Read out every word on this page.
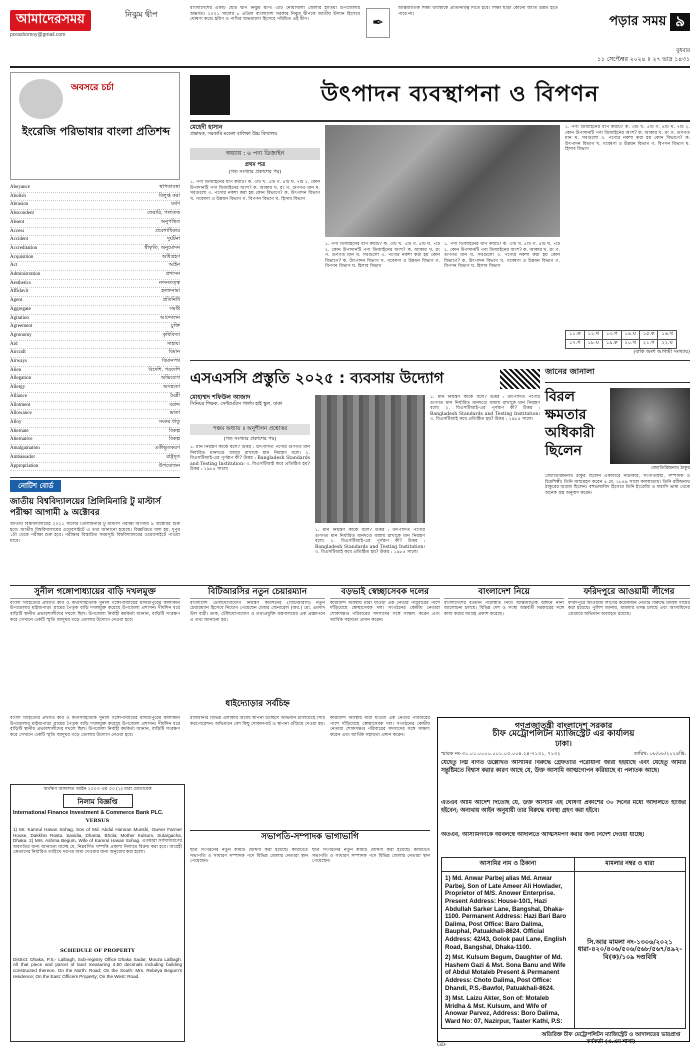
আমাদেরসময়
porashomoy@gmail.com
নিঝুম দ্বীপ
বাংলাদেশের একটি ছোট দ্বীপ নিঝুম দ্বীপ। এটি নোয়াখালী জেলার হাতিয়া উপজেলার অন্তর্গত। ২০০১ সালের ৮ এপ্রিল বাংলাদেশ সরকার নিঝুম দ্বীপকে জাতীয় উদ্যান হিসেবে ঘোষণা করে। হরিণ ও পাখির অভয়ারণ্য হিসেবে পরিচিত এই দ্বীপ।	✒
আন্তর্জাতিক শিক্ষা ব্যবস্থাকে প্রতিনিধিত্ব দিতে হবে। শিক্ষা ছাড়া কোনো জাতি উন্নত হতে পারে না।	পড়ার সময় ৯
বুধবার
১১ সেপ্টেম্বর ২০২৪ ॥ ২৭ ভাদ্র ১৪৩১
অবসরে চর্চা
ইংরেজি পরিভাষার বাংলা প্রতিশব্দ
Abeyance	স্থগিতাবস্থা
Abolish	বিলুপ্ত করা
Abrasion	ঘর্ষণ
Abscondent	ফেরারি, পলাতক
Absent	অনুপস্থিত
Access	প্রবেশাধিকার
Accident	দুর্ঘটনা
Accreditation	স্বীকৃতি, অনুমোদন
Acquisition	অধিগ্রহণ
Act	আইন
Administration	প্রশাসন
Aesthetics	নন্দনতত্ত্ব
Affidavit	হলফনামা
Agent	প্রতিনিধি
Aggregate	সমষ্টি
Agitation	আন্দোলন
Agreement	চুক্তি
Agronomy	কৃষিবিদ্যা
Aid	সাহায্য
Aircraft	বিমান
Airways	বিমানপথ
Alien	বিদেশি, পরদেশি
Allegation	অভিযোগ
Allergy	অসহ্যতা
Alliance	মৈত্রী
Allotment	বরাদ্দ
Allowance	ভাতা
Alloy	সংকর ধাতু
Alternate	বিকল্প
Alternative	বিকল্প
Amalgamation	একীভূতকরণ
Ambassador	রাষ্ট্রদূত
Appropriation	উপযোজন
নোটিশ বোর্ড
জাতীয় বিশ্ববিদ্যালয়ের প্রিলিমিনারি টু মাস্টার্স পরীক্ষা আগামী ৯ অক্টোবর
জাতীয় বিশ্ববিদ্যালয়ের ২০২১ সালের প্রিলিমিনারি টু মাস্টার্স পরীক্ষা আগামী ৯ অক্টোবর শুরু হবে। জাতীয় বিশ্ববিদ্যালয়ের ওয়েবসাইটে এ তথ্য জানানো হয়েছে। বিজ্ঞপ্তিতে বলা হয়, দুপুর ১টা থেকে পরীক্ষা শুরু হবে। পরীক্ষার বিস্তারিত সময়সূচি বিশ্ববিদ্যালয়ের ওয়েবসাইটে পাওয়া যাবে।
উৎপাদন ব্যবস্থাপনা ও বিপণন
মেহেদী হাসান
প্রভাষক, সরকারি মডেল বালিকা উচ্চ বিদ্যালয়
অধ্যায় : ৬ পণ্য ডিজাইন
প্রথম পত্র
(গত সংখ্যার প্রকাশের পর)
১. পণ্য ডিজাইনের ধাপ কয়টি? ক. ৩টি খ. ৫টি গ. ৪টি ঘ. ৭টি ২. কোন উপাদানটি পণ্য ডিজাইনের অংশ? ক. আকার খ. রং গ. গুণগত মান ঘ. সবগুলো ৩. পণ্যের নকশা করা হয় কোন বিভাগে? ক. উৎপাদন বিভাগ খ. গবেষণা ও উন্নয়ন বিভাগ গ. বিপণন বিভাগ ঘ. হিসাব বিভাগ
১. পণ্য ডিজাইনের ধাপ কয়টি? ক. ৩টি খ. ৫টি গ. ৪টি ঘ. ৭টি ২. কোন উপাদানটি পণ্য ডিজাইনের অংশ? ক. আকার খ. রং গ. গুণগত মান ঘ. সবগুলো ৩. পণ্যের নকশা করা হয় কোন বিভাগে? ক. উৎপাদন বিভাগ খ. গবেষণা ও উন্নয়ন বিভাগ গ. বিপণন বিভাগ ঘ. হিসাব বিভাগ
১. পণ্য ডিজাইনের ধাপ কয়টি? ক. ৩টি খ. ৫টি গ. ৪টি ঘ. ৭টি ২. কোন উপাদানটি পণ্য ডিজাইনের অংশ? ক. আকার খ. রং গ. গুণগত মান ঘ. সবগুলো ৩. পণ্যের নকশা করা হয় কোন বিভাগে? ক. উৎপাদন বিভাগ খ. গবেষণা ও উন্নয়ন বিভাগ গ. বিপণন বিভাগ ঘ. হিসাব বিভাগ
১. পণ্য ডিজাইনের ধাপ কয়টি? ক. ৩টি খ. ৫টি গ. ৪টি ঘ. ৭টি ২. কোন উপাদানটি পণ্য ডিজাইনের অংশ? ক. আকার খ. রং গ. গুণগত মান ঘ. সবগুলো ৩. পণ্যের নকশা করা হয় কোন বিভাগে? ক. উৎপাদন বিভাগ খ. গবেষণা ও উন্নয়ন বিভাগ গ. বিপণন বিভাগ ঘ. হিসাব বিভাগ
১১.ক	১২.খ	১৩.গ	১৪.ঘ	১৫.ক	১৬.খ
১৭.গ	১৮.ঘ	১৯.ক	২০.খ	২১.গ	২২.ঘ
(বাকি অংশ আগামী সংখ্যায়)
এসএসসি প্রস্তুতি ২০২৫ : ব্যবসায় উদ্যোগ
মোহাম্মদ শফিউল আজাদ
সিনিয়র শিক্ষক, সেন্টমেরিস গার্লস হাই স্কুল, ঢাকা
পঞ্চম অধ্যায় ॥ অনুশীলন প্রশ্নোত্তর
(গত সংখ্যার প্রকাশের পর)
১. মান নিয়ন্ত্রণ কাকে বলে? উত্তর : উৎপাদিত পণ্যের গুণগত মান নির্ধারিত মানদণ্ডে বজায় রাখাকে মান নিয়ন্ত্রণ বলে। ২. বিএসটিআই-এর পূর্ণরূপ কী? উত্তর : Bangladesh Standards and Testing Institution। ৩. বিএসটিআই কবে প্রতিষ্ঠিত হয়? উত্তর : ১৯৮৫ সালে।
১. মান নিয়ন্ত্রণ কাকে বলে? উত্তর : উৎপাদিত পণ্যের গুণগত মান নির্ধারিত মানদণ্ডে বজায় রাখাকে মান নিয়ন্ত্রণ বলে। ২. বিএসটিআই-এর পূর্ণরূপ কী? উত্তর : Bangladesh Standards and Testing Institution। ৩. বিএসটিআই কবে প্রতিষ্ঠিত হয়? উত্তর : ১৯৮৫ সালে।
১. মান নিয়ন্ত্রণ কাকে বলে? উত্তর : উৎপাদিত পণ্যের গুণগত মান নির্ধারিত মানদণ্ডে বজায় রাখাকে মান নিয়ন্ত্রণ বলে। ২. বিএসটিআই-এর পূর্ণরূপ কী? উত্তর : Bangladesh Standards and Testing Institution। ৩. বিএসটিআই কবে প্রতিষ্ঠিত হয়? উত্তর : ১৯৮৫ সালে।
জানের জানালা
বিরল ক্ষমতার অধিকারী ছিলেন
জ্যোতিরিন্দ্রনাথ ঠাকুর
জ্যোতিরিন্দ্রনাথ ঠাকুর ছিলেন একাধারে নাট্যকার, সংগীতস্রষ্টা, সম্পাদক ও চিত্রশিল্পী। তিনি জন্মগ্রহণ করেন ৪ মে, ১৮৪৯ সালে কলকাতায়। তিনি রবীন্দ্রনাথ ঠাকুরের অগ্রজ ছিলেন। বহুভাষাবিদ হিসেবে তিনি ইংরেজি ও ফরাসি ভাষা থেকে অনেক গ্রন্থ অনুবাদ করেন।
সুনীল গঙ্গোপাধ্যায়ের বাড়ি দখলমুক্ত
বাংলা সাহিত্যের প্রখ্যাত কবি ও কথাসাহিত্যিক সুনীল গঙ্গোপাধ্যায়ের মাদারীপুরের কালকিনি উপজেলার মাইজপাড়া গ্রামের পৈতৃক বাড়ি দখলমুক্ত করেছে উপজেলা প্রশাসন। দীর্ঘদিন ধরে বাড়িটি স্থানীয় প্রভাবশালীদের দখলে ছিল। উপজেলা নির্বাহী কর্মকর্তা জানান, বাড়িটি সংরক্ষণ করে সেখানে একটি স্মৃতি জাদুঘর গড়ে তোলার উদ্যোগ নেওয়া হবে।
বিটিআরসির নতুন চেয়ারম্যান
বাংলাদেশ টেলিযোগাযোগ নিয়ন্ত্রণ কমিশনের (বিটিআরসি) নতুন চেয়ারম্যান হিসেবে নিয়োগ পেয়েছেন মেজর জেনারেল (অব.) মো. এমদাদ উল বারী। ডাক, টেলিযোগাযোগ ও তথ্যপ্রযুক্তি মন্ত্রণালয়ের এক প্রজ্ঞাপনে এ তথ্য জানানো হয়।
বড়ভাই স্বেচ্ছাসেবক দলের
কারাবন্দি অবস্থায় মারা যাওয়া এক নেতার পরিবারের পাশে দাঁড়িয়েছে স্বেচ্ছাসেবক দল। সংগঠনের কেন্দ্রীয় নেতারা শোকসন্তপ্ত পরিবারের সদস্যদের সঙ্গে সাক্ষাৎ করেন এবং আর্থিক সহায়তা প্রদান করেন।
বাংলাদেশ নিয়ে
বাংলাদেশের বর্তমান পরিস্থিতি নিয়ে আন্তর্জাতিক অঙ্গনে নানা আলোচনা চলছে। বিভিন্ন দেশ ও সংস্থা অন্তর্বর্তী সরকারের সঙ্গে কাজ করার আগ্রহ প্রকাশ করেছে।
ফরিদপুরে আওয়ামী লীগের
ফরিদপুরে আওয়ামী লীগের কয়েকজন নেতার বিরুদ্ধে মামলা দায়ের করা হয়েছে। পুলিশ জানায়, মামলার তদন্ত চলছে এবং আসামিদের গ্রেপ্তারে অভিযান অব্যাহত রয়েছে।
ধাইদ্যোড়ার সর্বচিহ্ন
রাজধানীর বিভিন্ন এলাকায় অবৈধ স্থাপনা উচ্ছেদে অভিযান চালিয়েছে সিটি করপোরেশন। অভিযানে বেশ কিছু দোকানপাট ও স্থাপনা গুঁড়িয়ে দেওয়া হয়।
কারাবন্দি অবস্থায় মারা যাওয়া এক নেতার পরিবারের পাশে দাঁড়িয়েছে স্বেচ্ছাসেবক দল। সংগঠনের কেন্দ্রীয় নেতারা শোকসন্তপ্ত পরিবারের সদস্যদের সঙ্গে সাক্ষাৎ করেন এবং আর্থিক সহায়তা প্রদান করেন।
সভাপতি-সম্পাদক ভাগাভাগি
ছাত্র সংগঠনের নতুন কমিটি ঘোষণা করা হয়েছে। কমিটিতে সভাপতি ও সাধারণ সম্পাদক পদে বিভিন্ন জেলার নেতারা স্থান পেয়েছেন।
ছাত্র সংগঠনের নতুন কমিটি ঘোষণা করা হয়েছে। কমিটিতে সভাপতি ও সাধারণ সম্পাদক পদে বিভিন্ন জেলার নেতারা স্থান পেয়েছেন।
বাংলা সাহিত্যের প্রখ্যাত কবি ও কথাসাহিত্যিক সুনীল গঙ্গোপাধ্যায়ের মাদারীপুরের কালকিনি উপজেলার মাইজপাড়া গ্রামের পৈতৃক বাড়ি দখলমুক্ত করেছে উপজেলা প্রশাসন। দীর্ঘদিন ধরে বাড়িটি স্থানীয় প্রভাবশালীদের দখলে ছিল। উপজেলা নির্বাহী কর্মকর্তা জানান, বাড়িটি সংরক্ষণ করে সেখানে একটি স্মৃতি জাদুঘর গড়ে তোলার উদ্যোগ নেওয়া হবে।
অর্থঋণ আদালত আইন ২০০৩ এর ৩৩ (১) ধারা মোতাবেক
নিলাম বিজ্ঞপ্তি
International Finance Investment & Commerce Bank PLC.
VERSUS
1) Mr. Kamrul Hasan Sohag, Son of Md. Abdul Hannan Munshi, Owner Farmer House, Dakkhin Rasta, Savidia, Dhanta, Bhola; Mother Kulsum, Sutargacha, Dhaka. 2) Mrs. Ashma Begum, Wife of Kamrul Hasan Sohag. এতদ্বারা সর্বসাধারণের অবগতির জন্য জানানো যাচ্ছে যে, নিম্নবর্ণিত সম্পত্তি প্রকাশ্য নিলামে বিক্রয় করা হবে। আগ্রহী ক্রেতাদের নির্ধারিত তারিখে দরপত্র জমা দেওয়ার জন্য অনুরোধ করা হলো।
SCHEDULE OF PROPERTY
District: Dhaka, P.S.- Lalbagh, Sub-registry Office Dhaka Sadar, Mouza Lalbagh. All that piece and parcel of land measuring 4.50 decimals including building constructed thereon. On the North: Road; On the South: Mrs. Rebeya Begum's residence; On the East: Officers Property; On the West: Road.
গণপ্রজাতন্ত্রী বাংলাদেশ সরকার
চীফ মেট্রোপলিটন ম্যাজিস্ট্রেট এর কার্যালয়
ঢাকা।
স্মারক নং-৩১.০১.০০০০.০০১.০৩.০০৪.২৪-৭১৩১, ৭১৩২	তারিখ: ০৮/০৮/২০২৪খ্রি:
যেহেতু নিম্ন বর্ণিত উল্লেখিত আসামির বিরুদ্ধে গ্রেফতারি পরোয়ানা জারী হইয়াছে এবং যেহেতু আমার সন্তুষ্টিমতে বিশ্বাস করার কারণ আছে যে, উক্ত আসামি আত্মগোপন করিয়াছে বা পলাতক আছে।
এতএব আমি আদেশ দিতেছি যে, উক্ত আসামি এই ঘোষণা প্রকাশের ৩০ দিনের মধ্যে আদালতে হাজির হইবেন; অন্যথায় আইন অনুযায়ী তার বিরুদ্ধে ব্যবস্থা গ্রহণ করা হইবে।
অতএব, আসামিগণকে অবিলম্বে আদালতে আত্মসমর্পণ করার জন্য নির্দেশ দেওয়া যাচ্ছে।
আসামির নাম ও ঠিকানা	মামলার নম্বর ও ধারা

1) Md. Anwar Parbej alias Md. Anwar Parbej, Son of Late Ameer Ali Howlader, Proprietor of M/S. Anower Enterprise. Present Address: House-10/1, Hazi Abdullah Sarker Lane, Bangshal, Dhaka-1100. Permanent Address: Hazi Bari Baro Dalima, Post Office: Baro Dalima, Bauphal, Patuakhali-8624. Official Address: 42/43, Golok paul Lane, English Road, Bangshal, Dhaka-1100.
2) Mst. Kulsum Begum, Daughter of Md. Hashem Gazi & Mst. Sona Banu and Wife of Abdul Motaleb Present & Permanent Address: Choto Dalima, Post Office: Dhandi, P.S.-Bawfol, Patuakhali-8624.
3) Mst. Laizu Akter, Son of: Motaleb Mridha & Mst. Kulsum, and Wife of Anowar Parvez, Address: Boro Dalima, Ward No: 07, Nazirpur, Taater Kathi, P.S:	সি.আর মামলা নং-১৩০৬/২০২১ ধারা-৪২০/৪০৬/৫০৬/৫৬৮/৫৬৭/৪৯২-বি(ক)/১০৯ দণ্ডবিধি
অতিরিক্ত চীফ মেট্রোপলিটন ম্যাজিস্ট্রেট ও আদালতের ভারপ্রাপ্ত কর্মকর্তা (এ.এম শাখা)
GD-
